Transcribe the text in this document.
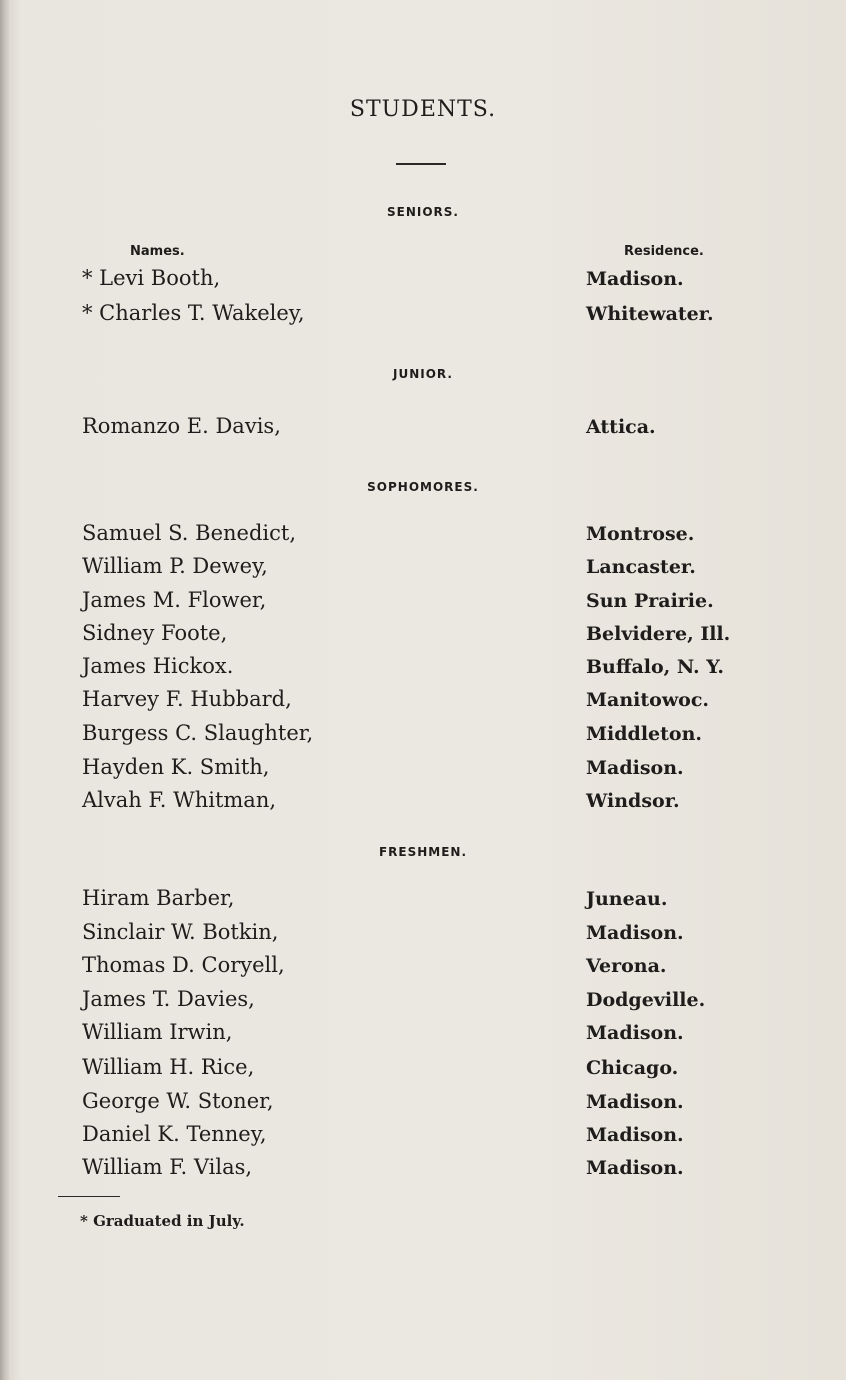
STUDENTS.
SENIORS.
Names.	Residence.
* Levi Booth,	Madison.
* Charles T. Wakeley,	Whitewater.
JUNIOR.
Romanzo E. Davis,	Attica.
SOPHOMORES.
Samuel S. Benedict,	Montrose.
William P. Dewey,	Lancaster.
James M. Flower,	Sun Prairie.
Sidney Foote,	Belvidere, Ill.
James Hickox.	Buffalo, N. Y.
Harvey F. Hubbard,	Manitowoc.
Burgess C. Slaughter,	Middleton.
Hayden K. Smith,	Madison.
Alvah F. Whitman,	Windsor.
FRESHMEN.
Hiram Barber,	Juneau.
Sinclair W. Botkin,	Madison.
Thomas D. Coryell,	Verona.
James T. Davies,	Dodgeville.
William Irwin,	Madison.
William H. Rice,	Chicago.
George W. Stoner,	Madison.
Daniel K. Tenney,	Madison.
William F. Vilas,	Madison.
* Graduated in July.
